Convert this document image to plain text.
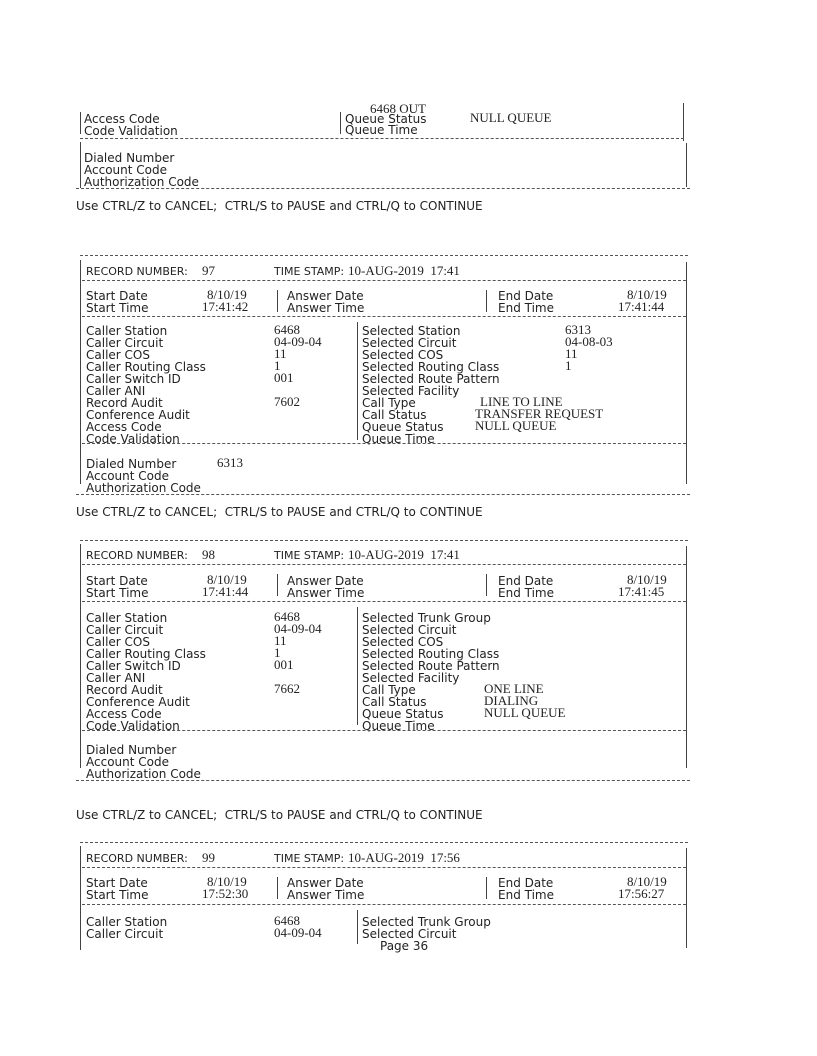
6468 OUT
Access Code
Code Validation
Queue Status	NULL QUEUE
Queue Time
Dialed Number
Account Code
Authorization Code
Use CTRL/Z to CANCEL;  CTRL/S to PAUSE and CTRL/Q to CONTINUE
RECORD NUMBER: 97	TIME STAMP: 10-AUG-2019  17:41
Start Date	8/10/19	Answer Date	End Date	8/10/19
Start Time	17:41:42	Answer Time	End Time	17:41:44
Caller Station	6468	Selected Station	6313
Caller Circuit	04-09-04	Selected Circuit	04-08-03
Caller COS	11	Selected COS	11
Caller Routing Class	1	Selected Routing Class	1
Caller Switch ID	001	Selected Route Pattern
Caller ANI	Selected Facility
Record Audit	7602	Call Type	LINE TO LINE
Conference Audit	Call Status	TRANSFER REQUEST
Access Code	Queue Status NULL QUEUE
Code Validation	Queue Time
Dialed Number	6313
Account Code
Authorization Code
Use CTRL/Z to CANCEL;  CTRL/S to PAUSE and CTRL/Q to CONTINUE
RECORD NUMBER: 98	TIME STAMP: 10-AUG-2019  17:41
Start Date	8/10/19	Answer Date	End Date	8/10/19
Start Time	17:41:44	Answer Time	End Time	17:41:45
Caller Station	6468	Selected Trunk Group
Caller Circuit	04-09-04	Selected Circuit
Caller COS	11	Selected COS
Caller Routing Class	1	Selected Routing Class
Caller Switch ID	001	Selected Route Pattern
Caller ANI	Selected Facility
Record Audit	7662	Call Type	ONE LINE
Conference Audit	Call Status	DIALING
Access Code	Queue Status	NULL QUEUE
Code Validation	Queue Time
Dialed Number
Account Code
Authorization Code
Use CTRL/Z to CANCEL;  CTRL/S to PAUSE and CTRL/Q to CONTINUE
RECORD NUMBER: 99	TIME STAMP: 10-AUG-2019  17:56
Start Date	8/10/19	Answer Date	End Date	8/10/19
Start Time	17:52:30	Answer Time	End Time	17:56:27
Caller Station	6468	Selected Trunk Group
Caller Circuit	04-09-04	Selected Circuit
Page 36
